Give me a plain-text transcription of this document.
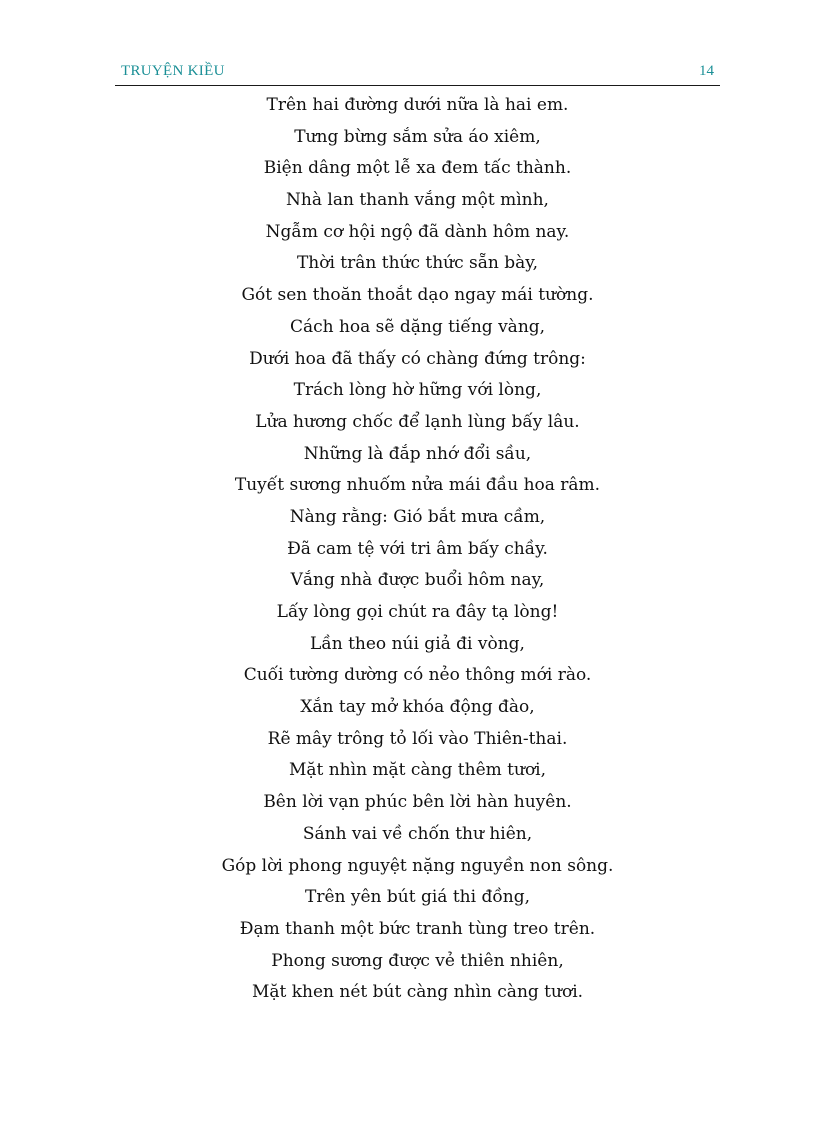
TRUYỆN KIỀU	14
Trên hai đường dưới nữa là hai em.
Tưng bừng sắm sửa áo xiêm,
Biện dâng một lễ xa đem tấc thành.
Nhà lan thanh vắng một mình,
Ngẫm cơ hội ngộ đã dành hôm nay.
Thời trân thức thức sẵn bày,
Gót sen thoăn thoắt dạo ngay mái tường.
Cách hoa sẽ dặng tiếng vàng,
Dưới hoa đã thấy có chàng đứng trông:
Trách lòng hờ hững với lòng,
Lửa hương chốc để lạnh lùng bấy lâu.
Những là đắp nhớ đổi sầu,
Tuyết sương nhuốm nửa mái đầu hoa râm.
Nàng rằng: Gió bắt mưa cầm,
Đã cam tệ với tri âm bấy chầy.
Vắng nhà được buổi hôm nay,
Lấy lòng gọi chút ra đây tạ lòng!
Lần theo núi giả đi vòng,
Cuối tường dường có nẻo thông mới rào.
Xắn tay mở khóa động đào,
Rẽ mây trông tỏ lối vào Thiên-thai.
Mặt nhìn mặt càng thêm tươi,
Bên lời vạn phúc bên lời hàn huyên.
Sánh vai về chốn thư hiên,
Góp lời phong nguyệt nặng nguyền non sông.
Trên yên bút giá thi đồng,
Đạm thanh một bức tranh tùng treo trên.
Phong sương được vẻ thiên nhiên,
Mặt khen nét bút càng nhìn càng tươi.
